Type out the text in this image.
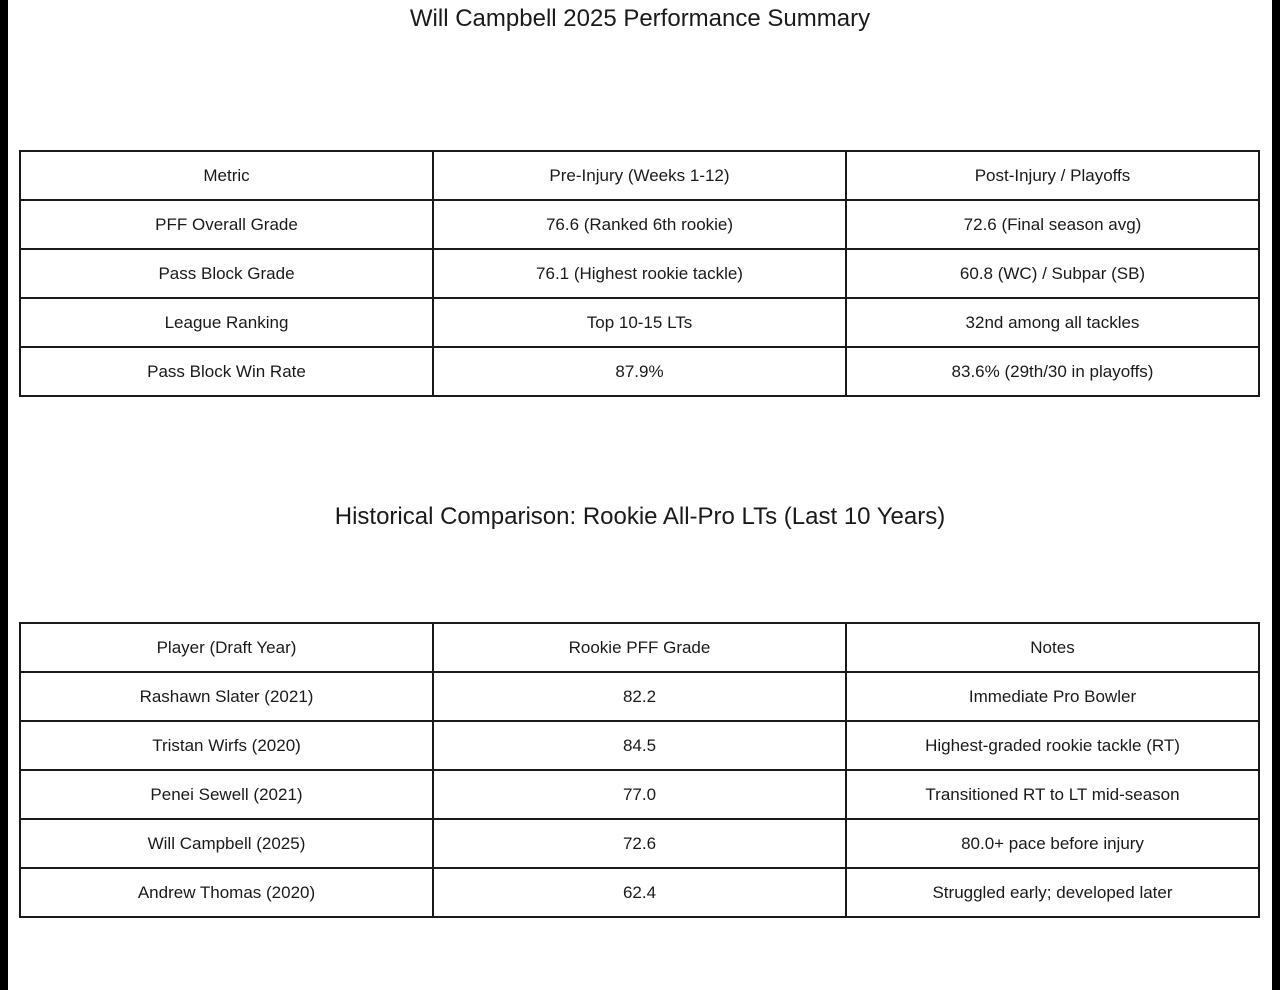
Will Campbell 2025 Performance Summary
Metric	Pre-Injury (Weeks 1-12)	Post-Injury / Playoffs
PFF Overall Grade	76.6 (Ranked 6th rookie)	72.6 (Final season avg)
Pass Block Grade	76.1 (Highest rookie tackle)	60.8 (WC) / Subpar (SB)
League Ranking	Top 10-15 LTs	32nd among all tackles
Pass Block Win Rate	87.9%	83.6% (29th/30 in playoffs)
Historical Comparison: Rookie All-Pro LTs (Last 10 Years)
Player (Draft Year)	Rookie PFF Grade	Notes
Rashawn Slater (2021)	82.2	Immediate Pro Bowler
Tristan Wirfs (2020)	84.5	Highest-graded rookie tackle (RT)
Penei Sewell (2021)	77.0	Transitioned RT to LT mid-season
Will Campbell (2025)	72.6	80.0+ pace before injury
Andrew Thomas (2020)	62.4	Struggled early; developed later
